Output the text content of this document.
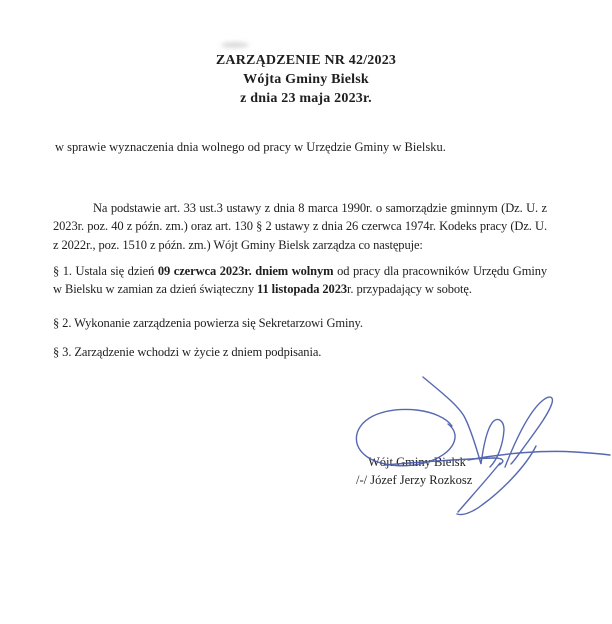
ZARZĄDZENIE NR 42/2023
Wójta Gminy Bielsk
z dnia 23 maja 2023r.
w sprawie wyznaczenia dnia wolnego od pracy w Urzędzie Gminy w Bielsku.
Na podstawie art. 33 ust.3 ustawy z dnia 8 marca 1990r. o samorządzie gminnym (Dz. U. z 2023r. poz. 40 z późn. zm.) oraz art. 130 § 2 ustawy z dnia 26 czerwca 1974r. Kodeks pracy (Dz. U. z 2022r., poz. 1510 z późn. zm.) Wójt Gminy Bielsk zarządza co następuje:
§ 1. Ustala się dzień 09 czerwca 2023r. dniem wolnym od pracy dla pracowników Urzędu Gminy w Bielsku w zamian za dzień świąteczny 11 listopada 2023r. przypadający w sobotę.
§ 2. Wykonanie zarządzenia powierza się Sekretarzowi Gminy.
§ 3. Zarządzenie wchodzi w życie z dniem podpisania.
Wójt Gminy Bielsk
/-/ Józef Jerzy Rozkosz
